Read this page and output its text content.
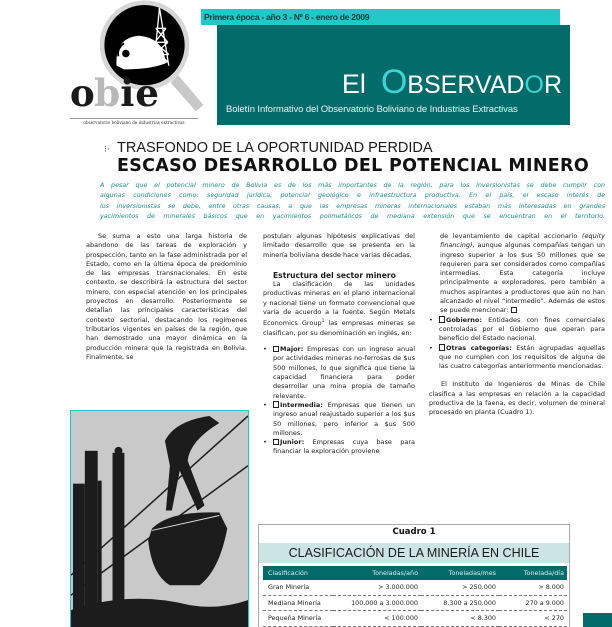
o b i e
observatorio boliviano de industrias extractivas
Primera época - año 3 - Nº 6 - enero de 2009
El OBSERVADOR
Boletín Informativo del Observatorio Boliviano de Industrias Extractivas
⁝· TRASFONDO DE LA OPORTUNIDAD PERDIDA
ESCASO DESARROLLO DEL POTENCIAL MINERO
A pesar que el potencial minero de Bolivia es de los más importantes de la región, para los inversionistas se debe cumplir con
algunas condiciones como: seguridad jurídica, potencial geológico e infraestructura productiva. En el país, el escaso interés de
los inversionistas se debe, entre otras causas, a que las empresas mineras internacionales estaban más interesadas en grandes
yacimientos de minerales básicos que en yacimientos polimetálicos de mediana extensión que se encuentran en el territorio.

Se suma a esto una larga historia de abandono de las tareas de exploración y prospección, tanto en la fase administrada por el Estado, como en la última época de predominio de las empresas transnacionales. En este contexto, se describirá la estructura del sector minero, con especial atención en los principales proyectos en desarrollo. Posteriormente se detallan las principales características del contexto sectorial, destacando los regímenes tributarios vigentes en países de la región, que han demostrado una mayor dinámica en la producción minera que la registrada en Bolivia. Finalmente, se

postulan algunas hipótesis explicativas del limitado desarrollo que se presenta en la minería boliviana desde hace varias décadas.

Estructura del sector minero

La clasificación de las unidades productivas mineras en el plano internacional y nacional tiene un formato convencional que varía de acuerdo a la fuente. Según Metals Economics Group$^1$ las empresas mineras se clasifican, por su denominación en inglés, en:

• Major: Empresas con un ingreso anual por actividades mineras no-ferrosas de $us 500 millones, lo que significa que tiene la capacidad financiera para poder desarrollar una mina propia de tamaño relevante.
• Intermedia: Empresas que tienen un ingreso anual reajustado superior a los $us 50 millones, pero inferior a $us 500 millones.
• Junior: Empresas cuya base para financiar la exploración proviene

de levantamiento de capital accionario (equity financing), aunque algunas compañías tengan un ingreso superior a los $us 50 millones que se requieren para ser considerados como compañías intermedias. Esta categoría incluye principalmente a exploradores, pero también a muchos aspirantes a productores que aún no han alcanzado el nivel “intermedio”. Además de estos se puede mencionar:

• Gobierno: Entidades con fines comerciales controladas por el Gobierno que operan para beneficio del Estado nacional.
• Otras categorías: Están agrupadas aquellas que no cumplen con los requisitos de alguna de las cuatro categorías anteriormente mencionadas.

El Instituto de Ingenieros de Minas de Chile clasifica a las empresas en relación a la capacidad productiva de la faena, es decir, volumen de mineral procesado en planta (Cuadro 1).

Cuadro 1
CLASIFICACIÓN DE LA MINERÍA EN CHILE
Clasificación	Toneladas/año	Toneladas/mes	Tonelada/día
Gran Minería	> 3.000.000	> 250.000	> 8.000
Mediana Minería	100.000 a 3.000.000	8.300 a 250.000	270 a 9.000
Pequeña Minería	< 100.000	< 8.300	< 270
